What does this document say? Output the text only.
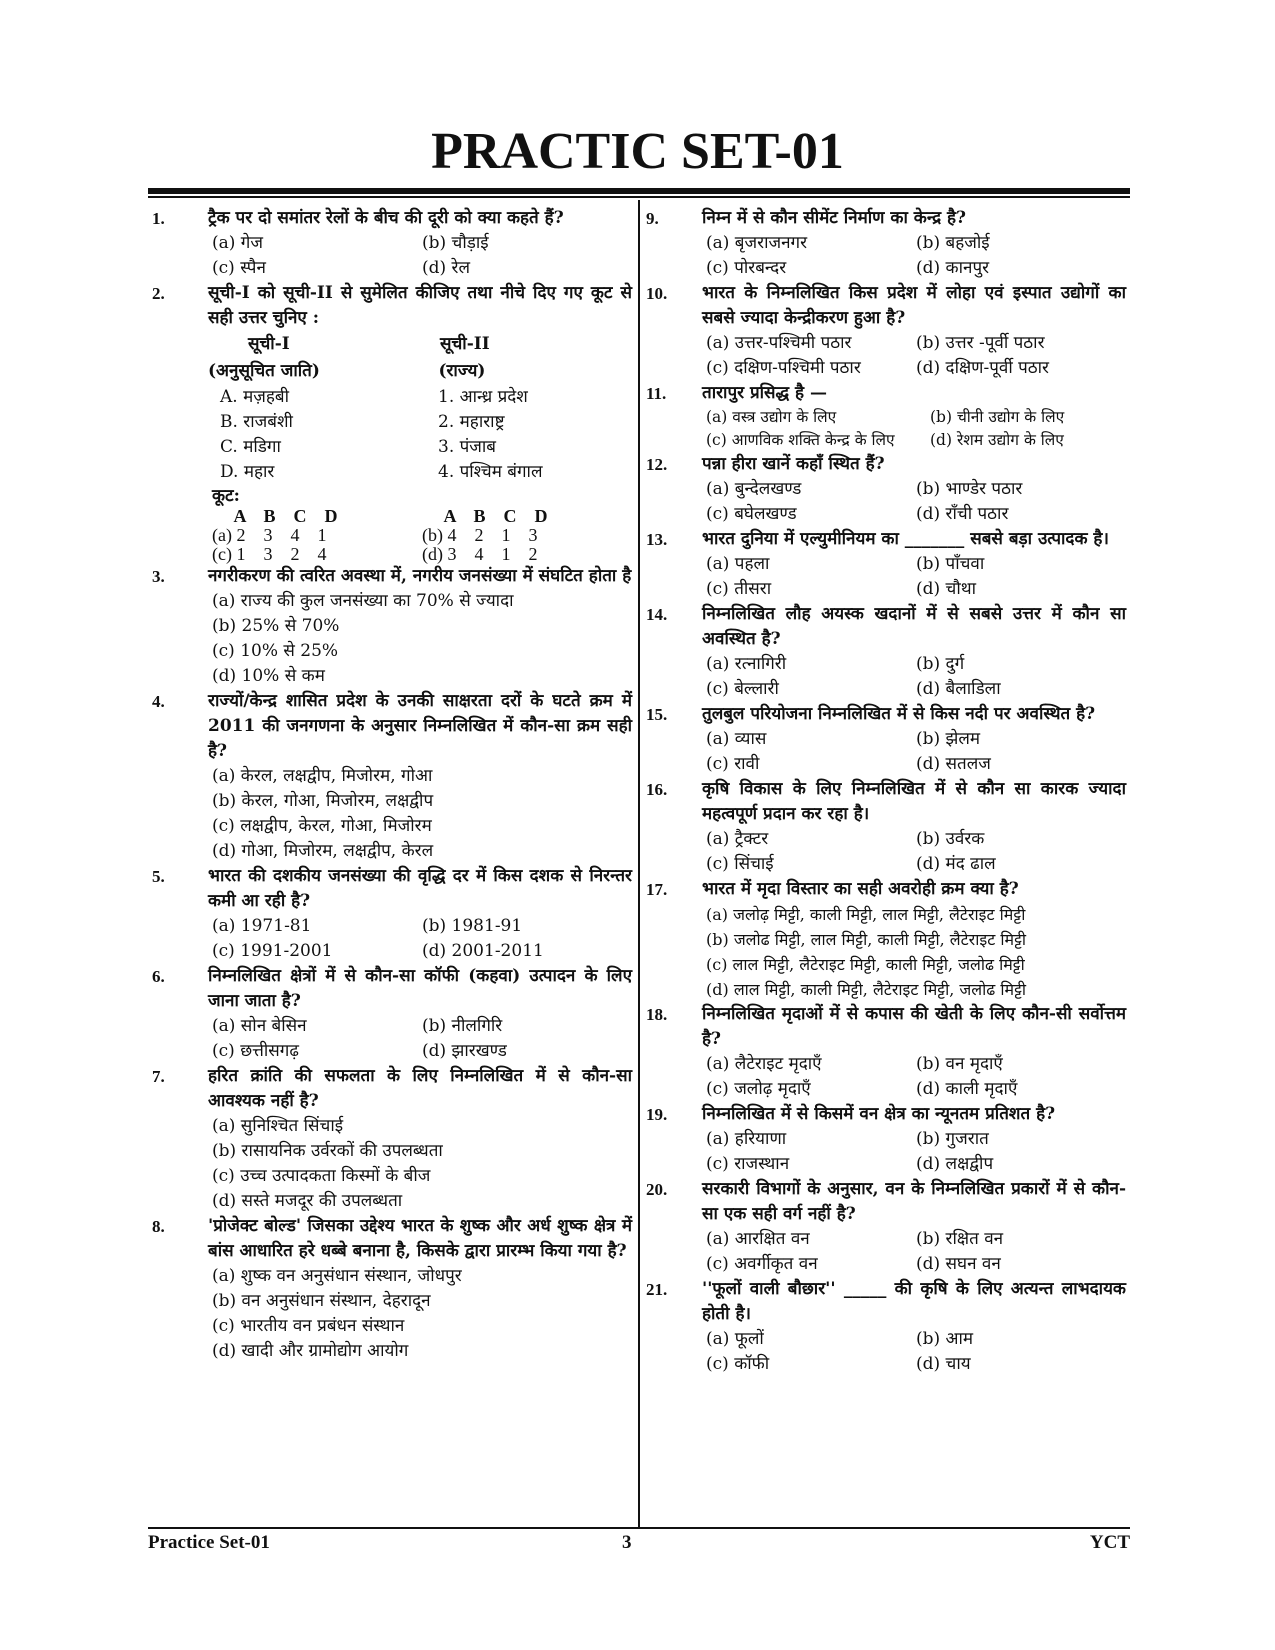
PRACTIC SET-01
1.	ट्रैक पर दो समांतर रेलों के बीच की दूरी को क्या कहते हैं?
(a) गेज	(b) चौड़ाई
(c) स्पैन	(d) रेल
2.	सूची-I को सूची-II से सुमेलित कीजिए तथा नीचे दिए गए कूट से सही उत्तर चुनिए :
सूची-I	सूची-II
(अनुसूचित जाति)	(राज्य)
A. मज़हबी	1. आन्ध्र प्रदेश
B. राजबंशी	2. महाराष्ट्र
C. मडिगा	3. पंजाब
D. महार	4. पश्चिम बंगाल
कूट:
A    B    C    D	A    B    C    D
(a) 2    3    4    1	(b) 4    2    1    3
(c) 1    3    2    4	(d) 3    4    1    2
3.	नगरीकरण की त्वरित अवस्था में, नगरीय जनसंख्या में संघटित होता है
(a) राज्य की कुल जनसंख्या का 70% से ज्यादा
(b) 25% से 70%
(c) 10% से 25%
(d) 10% से कम
4.	राज्यों/केन्द्र शासित प्रदेश के उनकी साक्षरता दरों के घटते क्रम में 2011 की जनगणना के अनुसार निम्नलिखित में कौन-सा क्रम सही है?
(a) केरल, लक्षद्वीप, मिजोरम, गोआ
(b) केरल, गोआ, मिजोरम, लक्षद्वीप
(c) लक्षद्वीप, केरल, गोआ, मिजोरम
(d) गोआ, मिजोरम, लक्षद्वीप, केरल
5.	भारत की दशकीय जनसंख्या की वृद्धि दर में किस दशक से निरन्तर कमी आ रही है?
(a) 1971-81	(b) 1981-91
(c) 1991-2001	(d) 2001-2011
6.	निम्नलिखित क्षेत्रों में से कौन-सा कॉफी (कहवा) उत्पादन के लिए जाना जाता है?
(a) सोन बेसिन	(b) नीलगिरि
(c) छत्तीसगढ़	(d) झारखण्ड
7.	हरित क्रांति की सफलता के लिए निम्नलिखित में से कौन-सा आवश्यक नहीं है?
(a) सुनिश्चित सिंचाई
(b) रासायनिक उर्वरकों की उपलब्धता
(c) उच्च उत्पादकता किस्मों के बीज
(d) सस्ते मजदूर की उपलब्धता
8.	'प्रोजेक्ट बोल्ड' जिसका उद्देश्य भारत के शुष्क और अर्ध शुष्क क्षेत्र में बांस आधारित हरे धब्बे बनाना है, किसके द्वारा प्रारम्भ किया गया है?
(a) शुष्क वन अनुसंधान संस्थान, जोधपुर
(b) वन अनुसंधान संस्थान, देहरादून
(c) भारतीय वन प्रबंधन संस्थान
(d) खादी और ग्रामोद्योग आयोग
9.	निम्न में से कौन सीमेंट निर्माण का केन्द्र है?
(a) बृजराजनगर	(b) बहजोई
(c) पोरबन्दर	(d) कानपुर
10. भारत के निम्नलिखित किस प्रदेश में लोहा एवं इस्पात उद्योगों का सबसे ज्यादा केन्द्रीकरण हुआ है?
(a) उत्तर-पश्चिमी पठार	(b) उत्तर -पूर्वी पठार
(c) दक्षिण-पश्चिमी पठार	(d) दक्षिण-पूर्वी पठार
11. तारापुर प्रसिद्ध है —
(a) वस्त्र उद्योग के लिए	(b) चीनी उद्योग के लिए
(c) आणविक शक्ति केन्द्र के लिए	(d) रेशम उद्योग के लिए
12. पन्ना हीरा खानें कहाँ स्थित हैं?
(a) बुन्देलखण्ड	(b) भाण्डेर पठार
(c) बघेलखण्ड	(d) राँची पठार
13. भारत दुनिया में एल्युमीनियम का _______ सबसे बड़ा उत्पादक है।
(a) पहला	(b) पाँचवा
(c) तीसरा	(d) चौथा
14. निम्नलिखित लौह अयस्क खदानों में से सबसे उत्तर में कौन सा अवस्थित है?
(a) रत्नागिरी	(b) दुर्ग
(c) बेल्लारी	(d) बैलाडिला
15. तुलबुल परियोजना निम्नलिखित में से किस नदी पर अवस्थित है?
(a) व्यास	(b) झेलम
(c) रावी	(d) सतलज
16. कृषि विकास के लिए निम्नलिखित में से कौन सा कारक ज्यादा महत्वपूर्ण प्रदान कर रहा है।
(a) ट्रैक्टर	(b) उर्वरक
(c) सिंचाई	(d) मंद ढाल
17. भारत में मृदा विस्तार का सही अवरोही क्रम क्या है?
(a) जलोढ़ मिट्टी, काली मिट्टी, लाल मिट्टी, लैटेराइट मिट्टी
(b) जलोढ मिट्टी, लाल मिट्टी, काली मिट्टी, लैटेराइट मिट्टी
(c) लाल मिट्टी, लैटेराइट मिट्टी, काली मिट्टी, जलोढ मिट्टी
(d) लाल मिट्टी, काली मिट्टी, लैटेराइट मिट्टी, जलोढ मिट्टी
18. निम्नलिखित मृदाओं में से कपास की खेती के लिए कौन-सी सर्वोत्तम है?
(a) लैटेराइट मृदाएँ	(b) वन मृदाएँ
(c) जलोढ़ मृदाएँ	(d) काली मृदाएँ
19. निम्नलिखित में से किसमें वन क्षेत्र का न्यूनतम प्रतिशत है?
(a) हरियाणा	(b) गुजरात
(c) राजस्थान	(d) लक्षद्वीप
20. सरकारी विभागों के अनुसार, वन के निम्नलिखित प्रकारों में से कौन-सा एक सही वर्ग नहीं है?
(a) आरक्षित वन	(b) रक्षित वन
(c) अवर्गीकृत वन	(d) सघन वन
21. ''फूलों वाली बौछार'' _____ की कृषि के लिए अत्यन्त लाभदायक होती है।
(a) फूलों	(b) आम
(c) कॉफी	(d) चाय
Practice Set-01	3	YCT
